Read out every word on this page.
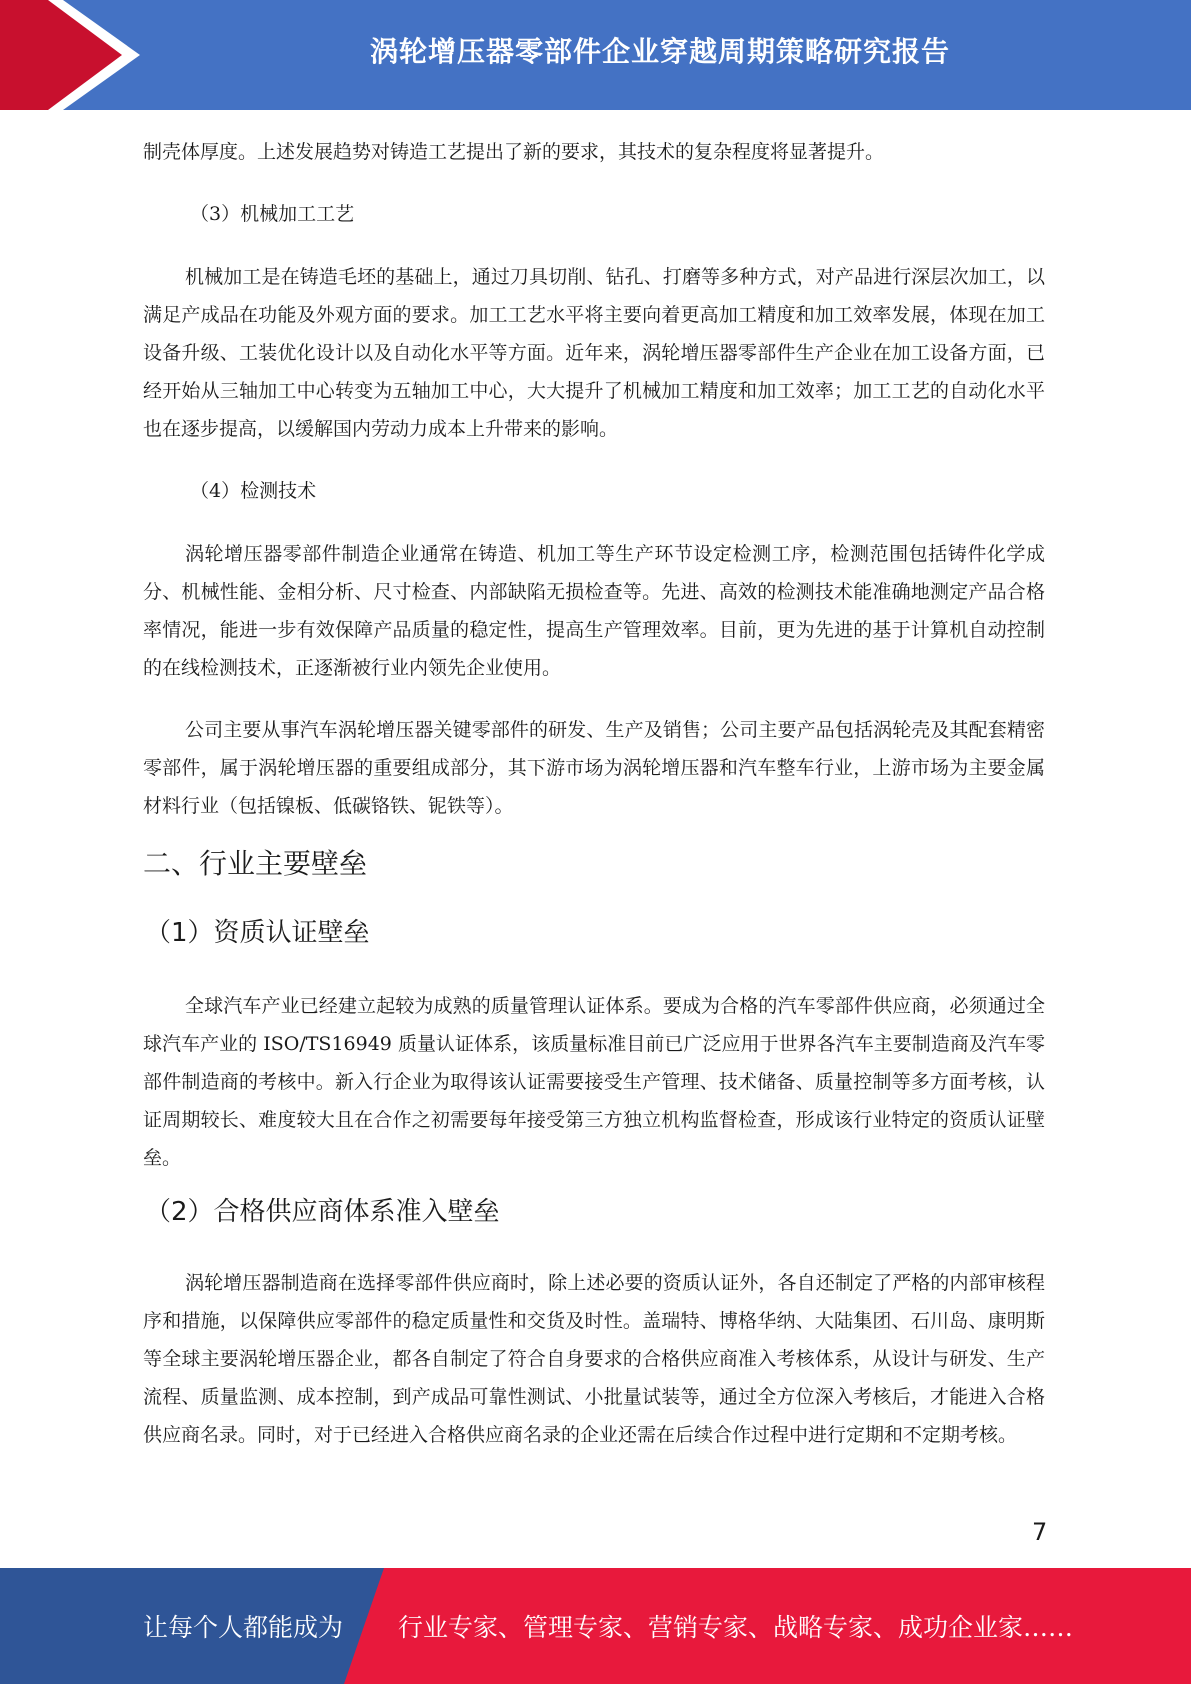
涡轮增压器零部件企业穿越周期策略研究报告

制壳体厚度。上述发展趋势对铸造工艺提出了新的要求，其技术的复杂程度将显著提升。

（3）机械加工工艺

机械加工是在铸造毛坯的基础上，通过刀具切削、钻孔、打磨等多种方式，对产品进行深层次加工，以满足产成品在功能及外观方面的要求。加工工艺水平将主要向着更高加工精度和加工效率发展，体现在加工设备升级、工装优化设计以及自动化水平等方面。近年来，涡轮增压器零部件生产企业在加工设备方面，已经开始从三轴加工中心转变为五轴加工中心，大大提升了机械加工精度和加工效率；加工工艺的自动化水平也在逐步提高，以缓解国内劳动力成本上升带来的影响。

（4）检测技术

涡轮增压器零部件制造企业通常在铸造、机加工等生产环节设定检测工序，检测范围包括铸件化学成分、机械性能、金相分析、尺寸检查、内部缺陷无损检查等。先进、高效的检测技术能准确地测定产品合格率情况，能进一步有效保障产品质量的稳定性，提高生产管理效率。目前，更为先进的基于计算机自动控制的在线检测技术，正逐渐被行业内领先企业使用。

公司主要从事汽车涡轮增压器关键零部件的研发、生产及销售；公司主要产品包括涡轮壳及其配套精密零部件，属于涡轮增压器的重要组成部分，其下游市场为涡轮增压器和汽车整车行业，上游市场为主要金属材料行业（包括镍板、低碳铬铁、铌铁等）。

二、行业主要壁垒
（1）资质认证壁垒

全球汽车产业已经建立起较为成熟的质量管理认证体系。要成为合格的汽车零部件供应商，必须通过全球汽车产业的 ISO/TS16949 质量认证体系，该质量标准目前已广泛应用于世界各汽车主要制造商及汽车零部件制造商的考核中。新入行企业为取得该认证需要接受生产管理、技术储备、质量控制等多方面考核，认证周期较长、难度较大且在合作之初需要每年接受第三方独立机构监督检查，形成该行业特定的资质认证壁垒。

（2）合格供应商体系准入壁垒

涡轮增压器制造商在选择零部件供应商时，除上述必要的资质认证外，各自还制定了严格的内部审核程序和措施，以保障供应零部件的稳定质量性和交货及时性。盖瑞特、博格华纳、大陆集团、石川岛、康明斯等全球主要涡轮增压器企业，都各自制定了符合自身要求的合格供应商准入考核体系，从设计与研发、生产流程、质量监测、成本控制，到产成品可靠性测试、小批量试装等，通过全方位深入考核后，才能进入合格供应商名录。同时，对于已经进入合格供应商名录的企业还需在后续合作过程中进行定期和不定期考核。

7
让每个人都能成为 行业专家、管理专家、营销专家、战略专家、成功企业家……
